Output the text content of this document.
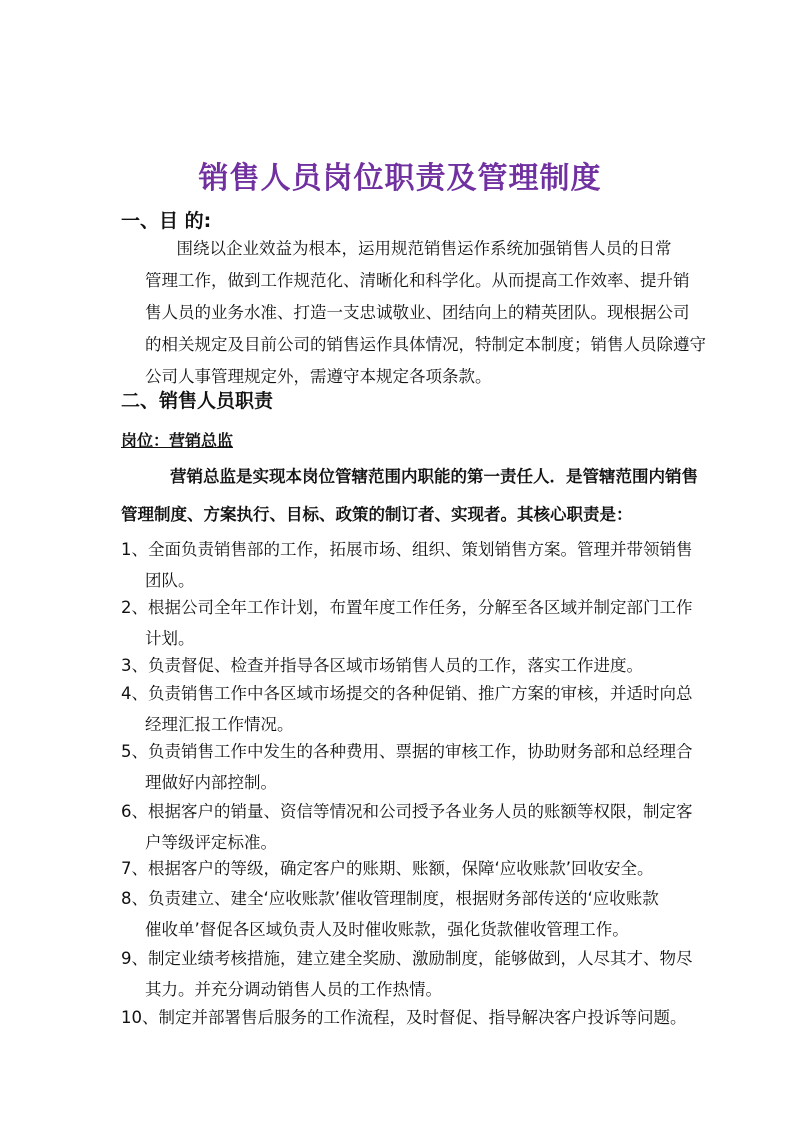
销售人员岗位职责及管理制度
一、目 的:
围绕以企业效益为根本，运用规范销售运作系统加强销售人员的日常
管理工作，做到工作规范化、清晰化和科学化。从而提高工作效率、提升销
售人员的业务水准、打造一支忠诚敬业、团结向上的精英团队。现根据公司
的相关规定及目前公司的销售运作具体情况，特制定本制度；销售人员除遵守
公司人事管理规定外，需遵守本规定各项条款。
二、销售人员职责
岗位：营销总监
营销总监是实现本岗位管辖范围内职能的第一责任人．是管辖范围内销售
管理制度、方案执行、目标、政策的制订者、实现者。其核心职责是：
1、全面负责销售部的工作，拓展市场、组织、策划销售方案。管理并带领销售
团队。
2、根据公司全年工作计划，布置年度工作任务，分解至各区域并制定部门工作
计划。
3、负责督促、检查并指导各区域市场销售人员的工作，落实工作进度。
4、负责销售工作中各区域市场提交的各种促销、推广方案的审核，并适时向总
经理汇报工作情况。
5、负责销售工作中发生的各种费用、票据的审核工作，协助财务部和总经理合
理做好内部控制。
6、根据客户的销量、资信等情况和公司授予各业务人员的账额等权限，制定客
户等级评定标准。
7、根据客户的等级，确定客户的账期、账额，保障‘应收账款’回收安全。
8、负责建立、建全‘应收账款’催收管理制度，根据财务部传送的‘应收账款
催收单’督促各区域负责人及时催收账款，强化货款催收管理工作。
9、制定业绩考核措施，建立建全奖励、激励制度，能够做到，人尽其才、物尽
其力。并充分调动销售人员的工作热情。
10、制定并部署售后服务的工作流程，及时督促、指导解决客户投诉等问题。
